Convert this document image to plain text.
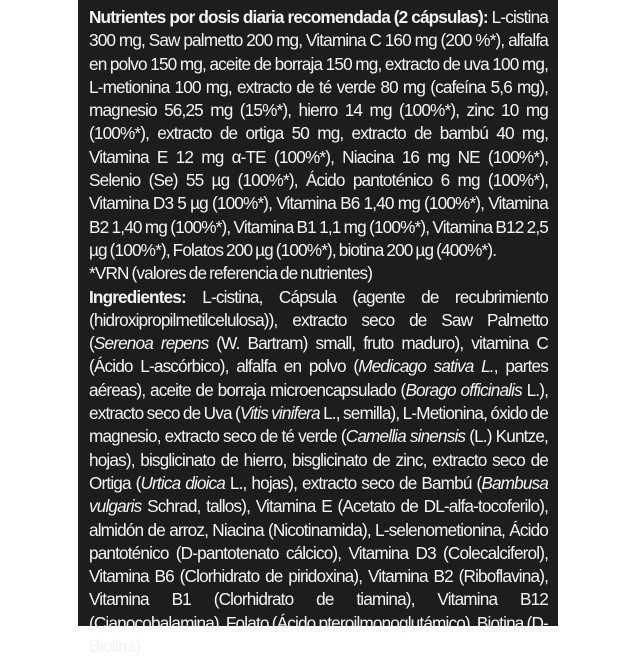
Nutrientes por dosis diaria recomendada (2 cápsulas): L-cistina 300 mg, Saw palmetto 200 mg, Vitamina C 160 mg (200 %*), alfalfa en polvo 150 mg, aceite de borraja 150 mg, extracto de uva 100 mg, L-metionina 100 mg, extracto de té verde 80 mg (cafeína 5,6 mg), magnesio 56,25 mg (15%*), hierro 14 mg (100%*), zinc 10 mg (100%*), extracto de ortiga 50 mg, extracto de bambú 40 mg, Vitamina E 12 mg α-TE (100%*), Niacina 16 mg NE (100%*), Selenio (Se) 55 µg (100%*), Ácido pantoténico 6 mg (100%*), Vitamina D3 5 µg (100%*), Vitamina B6 1,40 mg (100%*), Vitamina B2 1,40 mg (100%*), Vitamina B1 1,1 mg (100%*), Vitamina B12 2,5 µg (100%*), Folatos 200 µg (100%*), biotina 200 µg (400%*).

*VRN (valores de referencia de nutrientes)

Ingredientes: L-cistina, Cápsula (agente de recubrimiento (hidroxipropilmetilcelulosa)), extracto seco de Saw Palmetto (Serenoa repens (W. Bartram) small, fruto maduro), vitamina C (Ácido L-ascórbico), alfalfa en polvo (Medicago sativa L., partes aéreas), aceite de borraja microencapsulado (Borago officinalis L.), extracto seco de Uva (Vitis vinifera L., semilla), L-Metionina, óxido de magnesio, extracto seco de té verde (Camellia sinensis (L.) Kuntze, hojas), bisglicinato de hierro, bisglicinato de zinc, extracto seco de Ortiga (Urtica dioica L., hojas), extracto seco de Bambú (Bambusa vulgaris Schrad, tallos), Vitamina E (Acetato de DL-alfa-tocoferilo), almidón de arroz, Niacina (Nicotinamida), L-selenometionina, Ácido pantoténico (D-pantotenato cálcico), Vitamina D3 (Colecalciferol), Vitamina B6 (Clorhidrato de piridoxina), Vitamina B2 (Riboflavina), Vitamina B1 (Clorhidrato de tiamina), Vitamina B12 (Cianocobalamina), Folato (Ácido pteroilmonoglutámico), Biotina (D-Biotina).
